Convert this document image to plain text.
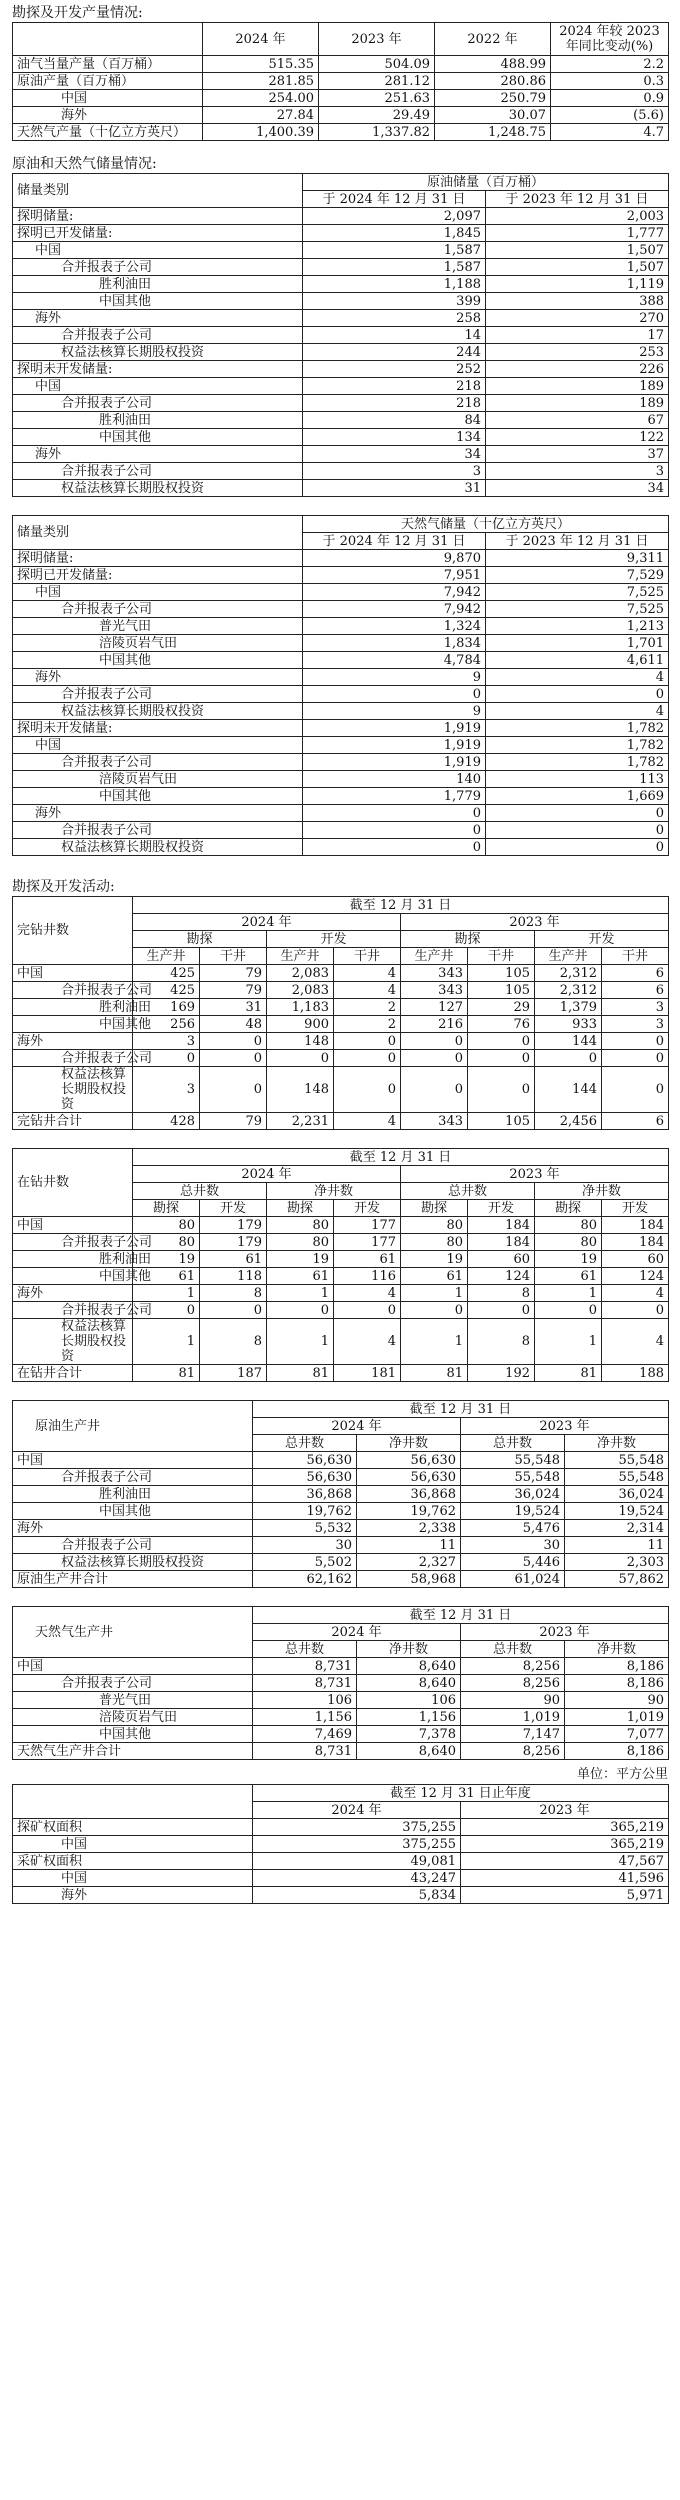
勘探及开发产量情况:
	2024 年	2023 年	2022 年	2024 年较 2023 年同比变动(%)
油气当量产量（百万桶）	515.35	504.09	488.99	2.2
原油产量（百万桶）	281.85	281.12	280.86	0.3
中国	254.00	251.63	250.79	0.9
海外	27.84	29.49	30.07	(5.6)
天然气产量（十亿立方英尺）	1,400.39	1,337.82	1,248.75	4.7
原油和天然气储量情况:
储量类别	原油储量（百万桶）	
	于 2024 年 12 月 31 日	于 2023 年 12 月 31 日
探明储量:	2,097	2,003
探明已开发储量:	1,845	1,777
中国	1,587	1,507
合并报表子公司	1,587	1,507
胜利油田	1,188	1,119
中国其他	399	388
海外	258	270
合并报表子公司	14	17
权益法核算长期股权投资	244	253
探明未开发储量:	252	226
中国	218	189
合并报表子公司	218	189
胜利油田	84	67
中国其他	134	122
海外	34	37
合并报表子公司	3	3
权益法核算长期股权投资	31	34
储量类别	天然气储量（十亿立方英尺）	
	于 2024 年 12 月 31 日	于 2023 年 12 月 31 日
探明储量:	9,870	9,311
探明已开发储量:	7,951	7,529
中国	7,942	7,525
合并报表子公司	7,942	7,525
普光气田	1,324	1,213
涪陵页岩气田	1,834	1,701
中国其他	4,784	4,611
海外	9	4
合并报表子公司	0	0
权益法核算长期股权投资	9	4
探明未开发储量:	1,919	1,782
中国	1,919	1,782
合并报表子公司	1,919	1,782
涪陵页岩气田	140	113
中国其他	1,779	1,669
海外	0	0
合并报表子公司	0	0
权益法核算长期股权投资	0	0
勘探及开发活动:
完钻井数	截至 12 月 31 日							
	2024 年				2023 年			
	勘探		开发		勘探		开发	
	生产井	干井	生产井	干井	生产井	干井	生产井	干井
中国	425	79	2,083	4	343	105	2,312	6
合并报表子公司	425	79	2,083	4	343	105	2,312	6
胜利油田	169	31	1,183	2	127	29	1,379	3
中国其他	256	48	900	2	216	76	933	3
海外	3	0	148	0	0	0	144	0
合并报表子公司	0	0	0	0	0	0	0	0
权益法核算长期股权投资	3	0	148	0	0	0	144	0
完钻井合计	428	79	2,231	4	343	105	2,456	6
在钻井数	截至 12 月 31 日							
	2024 年				2023 年			
	总井数		净井数		总井数		净井数	
	勘探	开发	勘探	开发	勘探	开发	勘探	开发
中国	80	179	80	177	80	184	80	184
合并报表子公司	80	179	80	177	80	184	80	184
胜利油田	19	61	19	61	19	60	19	60
中国其他	61	118	61	116	61	124	61	124
海外	1	8	1	4	1	8	1	4
合并报表子公司	0	0	0	0	0	0	0	0
权益法核算长期股权投资	1	8	1	4	1	8	1	4
在钻井合计	81	187	81	181	81	192	81	188
原油生产井	截至 12 月 31 日			
	2024 年		2023 年	
	总井数	净井数	总井数	净井数
中国	56,630	56,630	55,548	55,548
合并报表子公司	56,630	56,630	55,548	55,548
胜利油田	36,868	36,868	36,024	36,024
中国其他	19,762	19,762	19,524	19,524
海外	5,532	2,338	5,476	2,314
合并报表子公司	30	11	30	11
权益法核算长期股权投资	5,502	2,327	5,446	2,303
原油生产井合计	62,162	58,968	61,024	57,862
天然气生产井	截至 12 月 31 日			
	2024 年		2023 年	
	总井数	净井数	总井数	净井数
中国	8,731	8,640	8,256	8,186
合并报表子公司	8,731	8,640	8,256	8,186
普光气田	106	106	90	90
涪陵页岩气田	1,156	1,156	1,019	1,019
中国其他	7,469	7,378	7,147	7,077
天然气生产井合计	8,731	8,640	8,256	8,186
单位：平方公里
	截至 12 月 31 日止年度	
	2024 年	2023 年
探矿权面积	375,255	365,219
中国	375,255	365,219
采矿权面积	49,081	47,567
中国	43,247	41,596
海外	5,834	5,971
